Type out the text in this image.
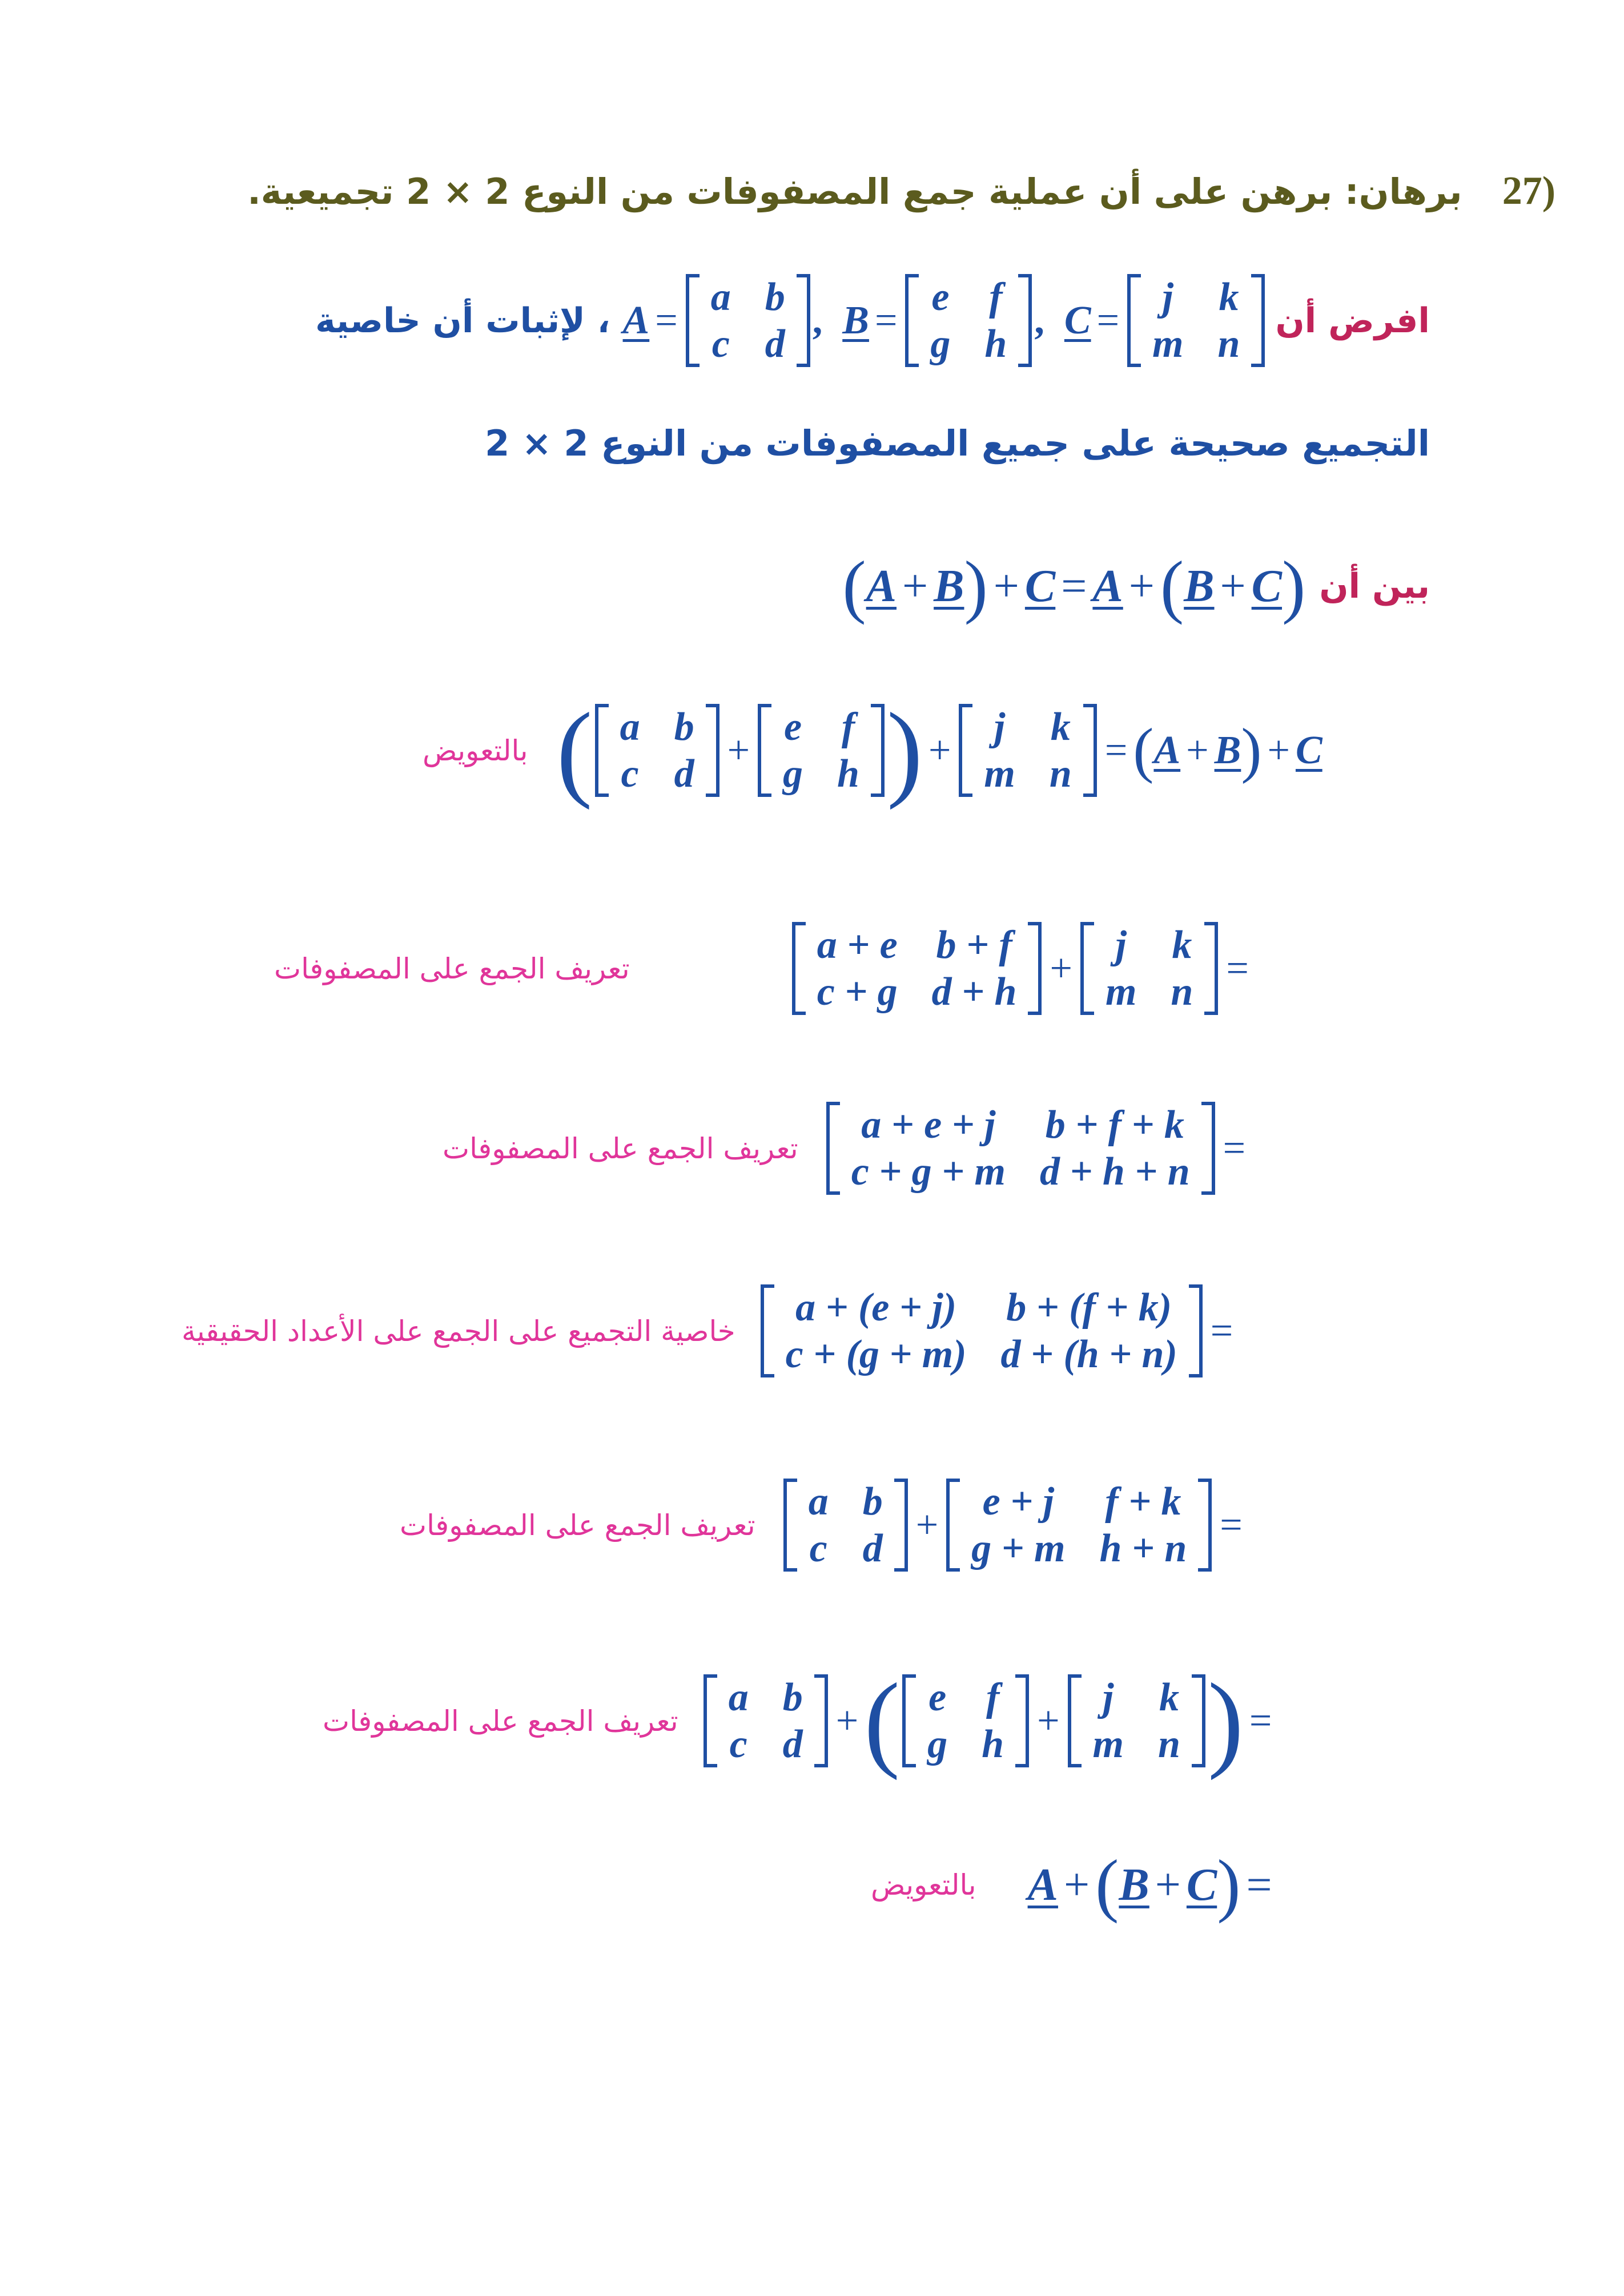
برهان: برهن على أن عملية جمع المصفوفات من النوع 2 × 2 تجميعية. 27)
افرض أن
A =
a b
c d
, B =
e f
g h
, C =
j k
m n
، لإثبات أن خاصية
التجميع صحيحة على جميع المصفوفات من النوع 2 × 2
بين أن
( A + B ) + C = A + ( B + C )
بالتعويض ( a b
c d
+
e f
g h ) +
j k
m n
= ( A + B ) + C
تعريف الجمع على المصفوفات
a + e b + f
c + g d + h
+
j k
m n
=
تعريف الجمع على المصفوفات
a + e + j b + f + k
c + g + m d + h + n
=
خاصية التجميع على الجمع على الأعداد الحقيقية
a + (e + j) b + (f + k)
c + (g + m) d + (h + n)
=
تعريف الجمع على المصفوفات
a b
c d
+
e + j f + k
g + m h + n
=
تعريف الجمع على المصفوفات
a b
c d
+ ( e f
g h
+
j k
m n ) =
بالتعويض A + ( B + C ) =
